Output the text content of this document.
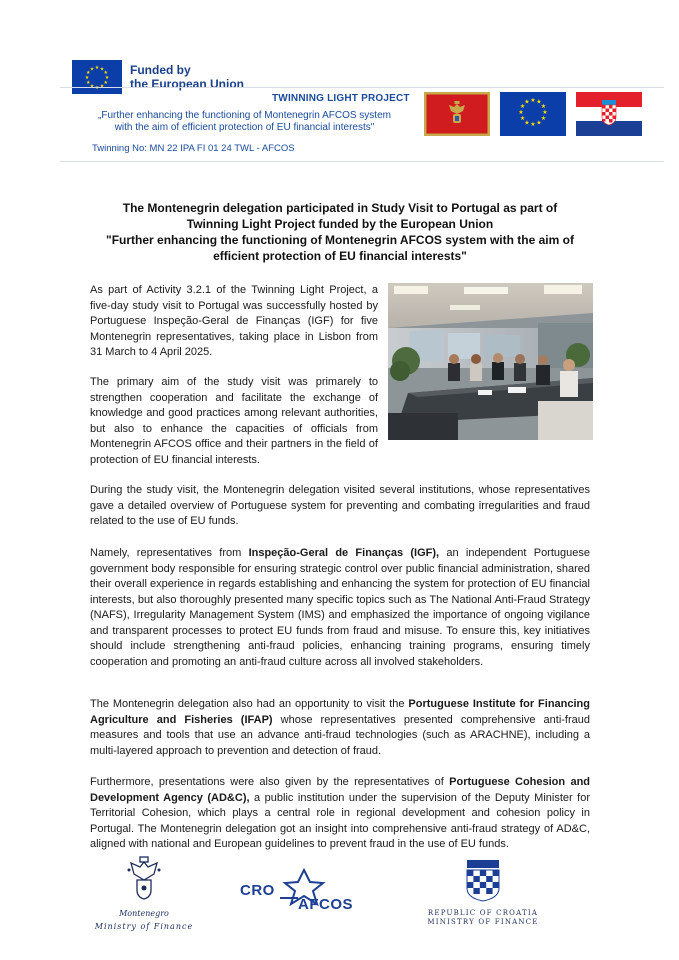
★ ★
★
★
★
★
★
★
★
★
★
★	Funded by
the European Union
TWINNING LIGHT PROJECT
„Further enhancing the functioning of Montenegrin AFCOS system
with the aim of efficient protection of EU financial interests"
Twinning No: MN 22 IPA FI 01 24 TWL - AFCOS
★ ★
★
★
★
★
★
★
★
★
★
★
The Montenegrin delegation participated in Study Visit to Portugal as part of
Twinning Light Project funded by the European Union
"Further enhancing the functioning of Montenegrin AFCOS system with the aim of
efficient protection of EU financial interests"

As part of Activity 3.2.1 of the Twinning Light Project, a five-day study visit to Portugal was successfully hosted by Portuguese Inspeção-Geral de Finanças (IGF) for five Montenegrin representatives, taking place in Lisbon from 31 March to 4 April 2025.

The primary aim of the study visit was primarely to strengthen cooperation and facilitate the exchange of knowledge and good practices among relevant authorities, but also to enhance the capacities of officials from Montenegrin AFCOS office and their partners in the field of protection of EU financial interests.

During the study visit, the Montenegrin delegation visited several institutions, whose representatives gave a detailed overview of Portuguese system for preventing and combating irregularities and fraud related to the use of EU funds.

Namely, representatives from Inspeção-Geral de Finanças (IGF), an independent Portuguese government body responsible for ensuring strategic control over public financial administration, shared their overall experience in regards establishing and enhancing the system for protection of EU financial interests, but also thoroughly presented many specific topics such as The National Anti-Fraud Strategy (NAFS), Irregularity Management System (IMS) and emphasized the importance of ongoing vigilance and transparent processes to protect EU funds from fraud and misuse. To ensure this, key initiatives should include strengthening anti-fraud policies, enhancing training programs, ensuring timely cooperation and promoting an anti-fraud culture across all involved stakeholders.

The Montenegrin delegation also had an opportunity to visit the Portuguese Institute for Financing Agriculture and Fisheries (IFAP) whose representatives presented comprehensive anti-fraud measures and tools that use an advance anti-fraud technologies (such as ARACHNE), including a multi-layered approach to prevention and detection of fraud.

Furthermore, presentations were also given by the representatives of Portuguese Cohesion and Development Agency (AD&C), a public institution under the supervision of the Deputy Minister for Territorial Cohesion, which plays a central role in regional development and cohesion policy in Portugal. The Montenegrin delegation got an insight into comprehensive anti-fraud strategy of AD&C, aligned with national and European guidelines to prevent fraud in the use of EU funds.

Montenegro
Ministry of Finance
CRO
AFCOS	REPUBLIC OF CROATIA
MINISTRY OF FINANCE
